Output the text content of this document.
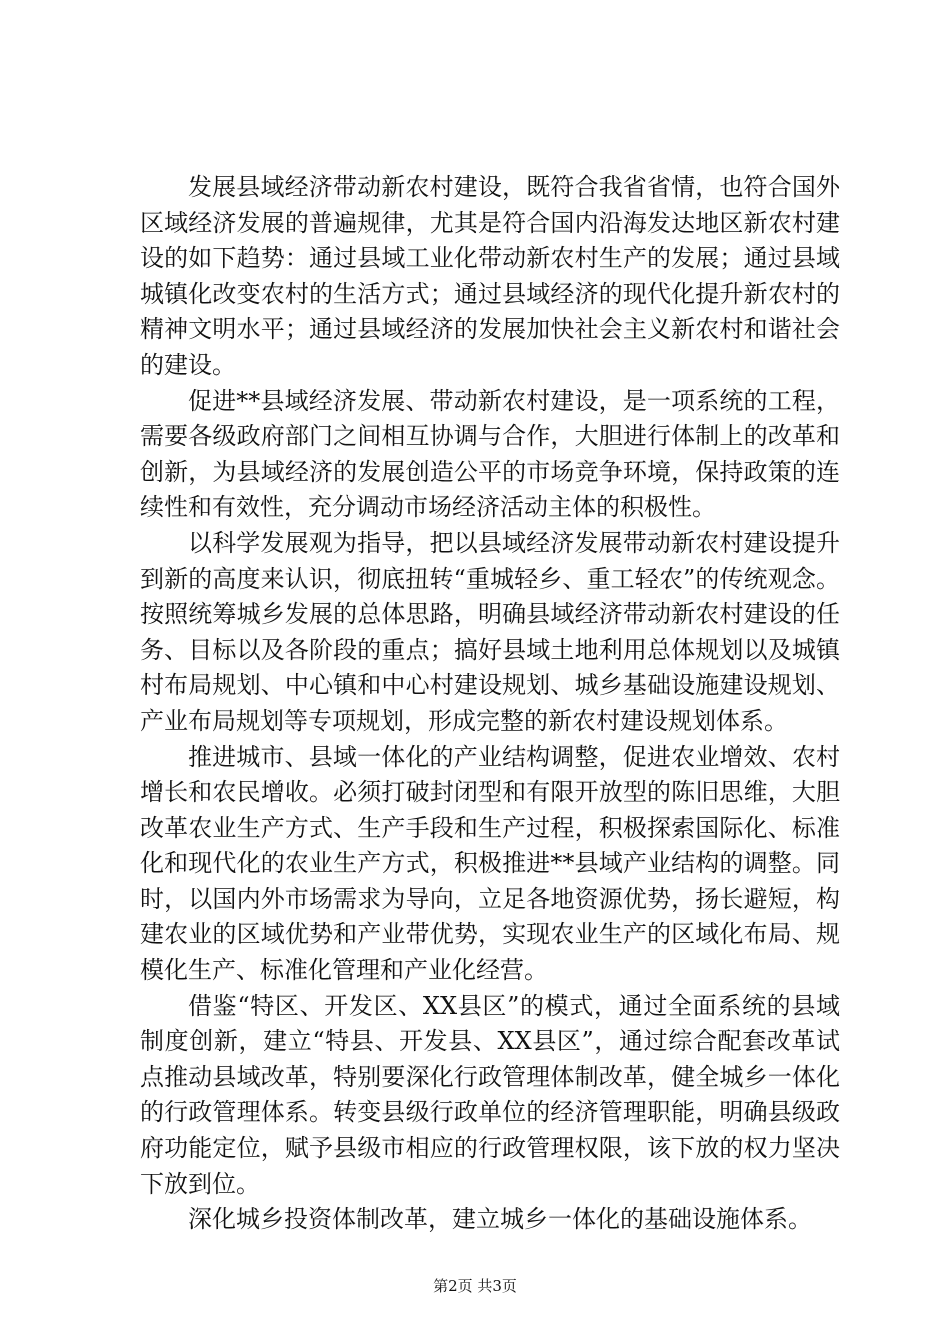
发展县域经济带动新农村建设，既符合我省省情，也符合国外区域经济发展的普遍规律，尤其是符合国内沿海发达地区新农村建设的如下趋势：通过县域工业化带动新农村生产的发展；通过县域城镇化改变农村的生活方式；通过县域经济的现代化提升新农村的精神文明水平；通过县域经济的发展加快社会主义新农村和谐社会的建设。

促进**县域经济发展、带动新农村建设，是一项系统的工程，需要各级政府部门之间相互协调与合作，大胆进行体制上的改革和创新，为县域经济的发展创造公平的市场竞争环境，保持政策的连续性和有效性，充分调动市场经济活动主体的积极性。

以科学发展观为指导，把以县域经济发展带动新农村建设提升到新的高度来认识，彻底扭转“重城轻乡、重工轻农”的传统观念。按照统筹城乡发展的总体思路，明确县域经济带动新农村建设的任务、目标以及各阶段的重点；搞好县域土地利用总体规划以及城镇村布局规划、中心镇和中心村建设规划、城乡基础设施建设规划、产业布局规划等专项规划，形成完整的新农村建设规划体系。

推进城市、县域一体化的产业结构调整，促进农业增效、农村增长和农民增收。必须打破封闭型和有限开放型的陈旧思维，大胆改革农业生产方式、生产手段和生产过程，积极探索国际化、标准化和现代化的农业生产方式，积极推进**县域产业结构的调整。同时，以国内外市场需求为导向，立足各地资源优势，扬长避短，构建农业的区域优势和产业带优势，实现农业生产的区域化布局、规模化生产、标准化管理和产业化经营。

借鉴“特区、开发区、XX县区”的模式，通过全面系统的县域制度创新，建立“特县、开发县、XX县区”，通过综合配套改革试点推动县域改革，特别要深化行政管理体制改革，健全城乡一体化的行政管理体系。转变县级行政单位的经济管理职能，明确县级政府功能定位，赋予县级市相应的行政管理权限，该下放的权力坚决下放到位。

深化城乡投资体制改革，建立城乡一体化的基础设施体系。

第2页 共3页
